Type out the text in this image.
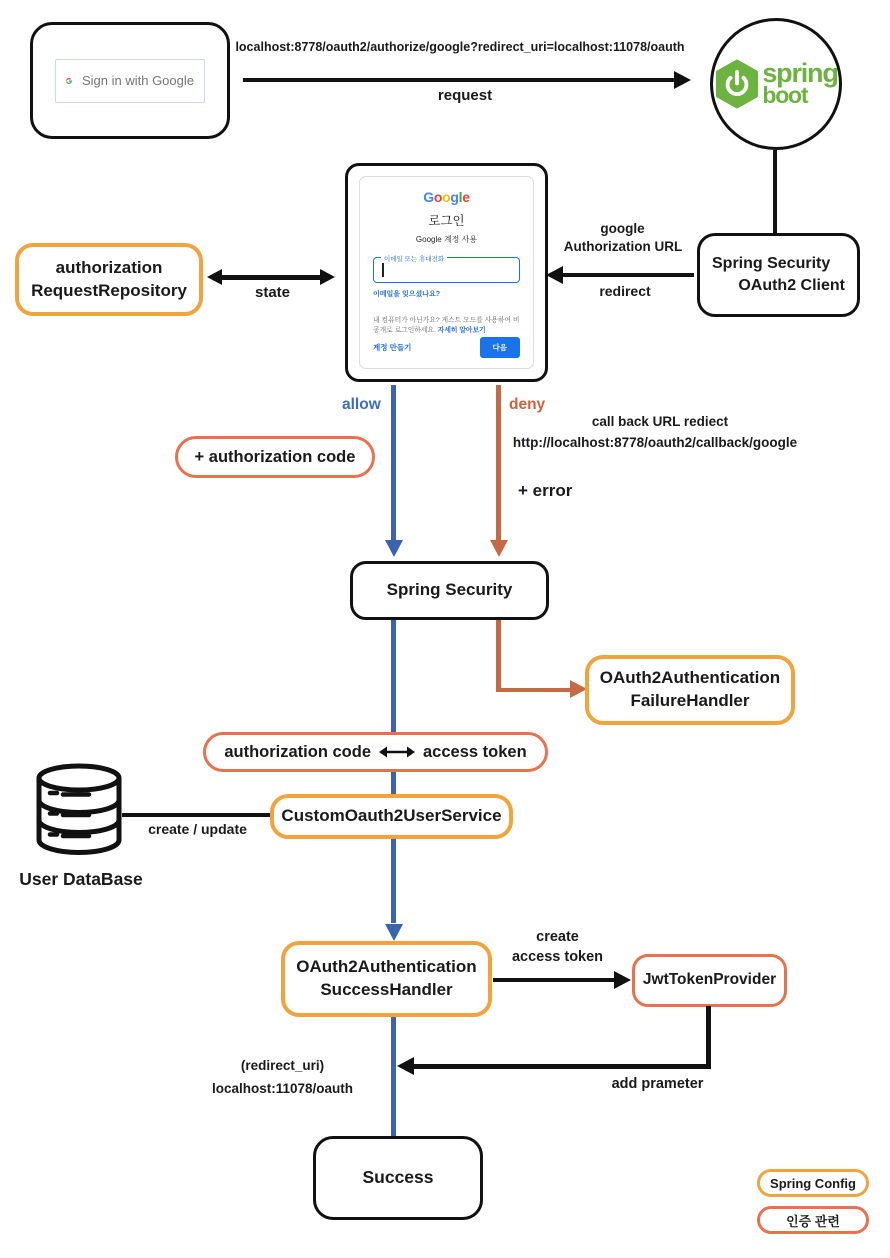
Sign in with Google
localhost:8778/oauth2/authorize/google?redirect_uri=localhost:11078/oauth
request
spring
boot
Spring Security
OAuth2 Client
google
Authorization URL
redirect
Google
로그인
Google 계정 사용
이메일 또는 휴대전화
이메일을 잊으셨나요?
내 컴퓨터가 아닌가요? 게스트 모드를 사용하여 비공개로 로그인하세요. 자세히 알아보기
계정 만들기	다음
authorization
RequestRepository	state
allow	deny
+ authorization code
call back URL rediect
http://localhost:8778/oauth2/callback/google
+ error
Spring Security
OAuth2Authentication
FailureHandler
authorization code	access token
create / update
User DataBase
CustomOauth2UserService
OAuth2Authentication
SuccessHandler
create
access token
JwtTokenProvider
add prameter
(redirect_uri)
localhost:11078/oauth
Success	Spring Config
인증 관련
